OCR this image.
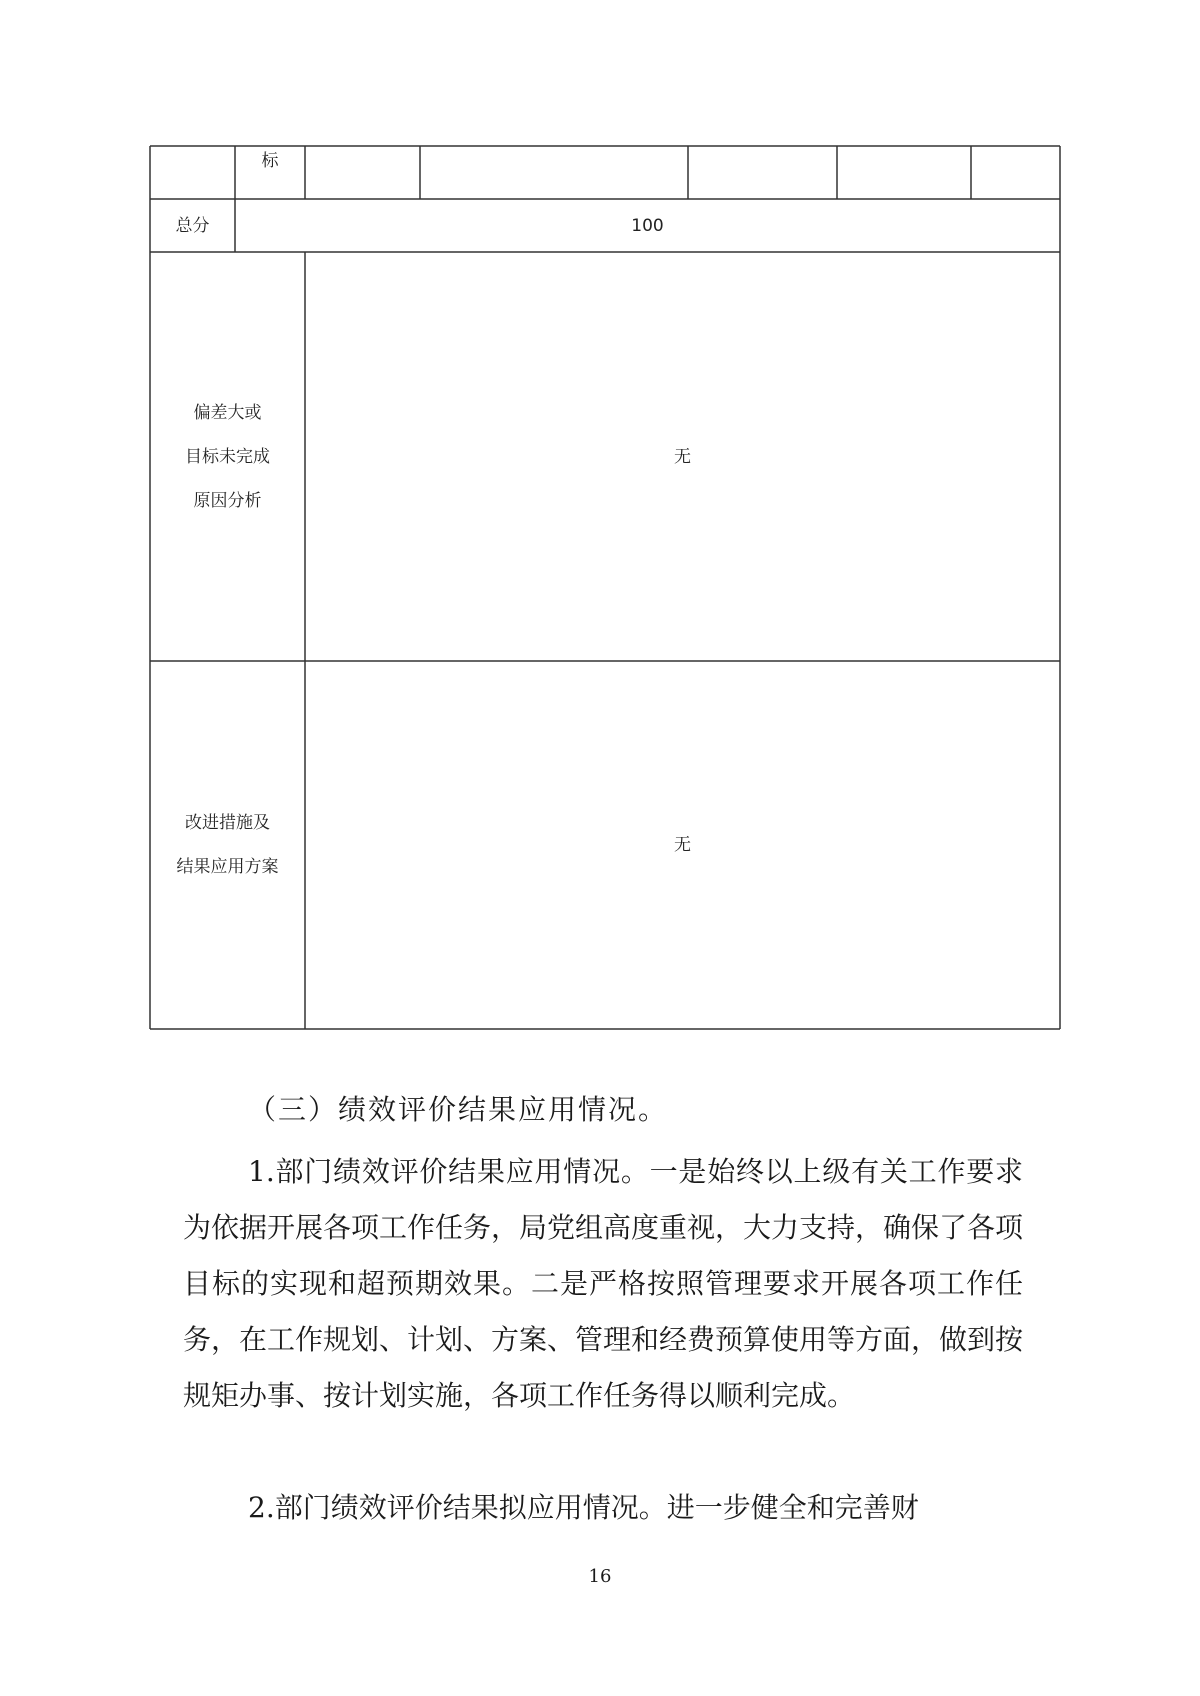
标
总分	100
偏差大或
目标未完成
原因分析
无
改进措施及
结果应用方案
无
（三）绩效评价结果应用情况。
1.部门绩效评价结果应用情况。一是始终以上级有关工作要求为依据开展各项工作任务，局党组高度重视，大力支持，确保了各项目标的实现和超预期效果。二是严格按照管理要求开展各项工作任务，在工作规划、计划、方案、管理和经费预算使用等方面，做到按规矩办事、按计划实施，各项工作任务得以顺利完成。
2.部门绩效评价结果拟应用情况。进一步健全和完善财
16
